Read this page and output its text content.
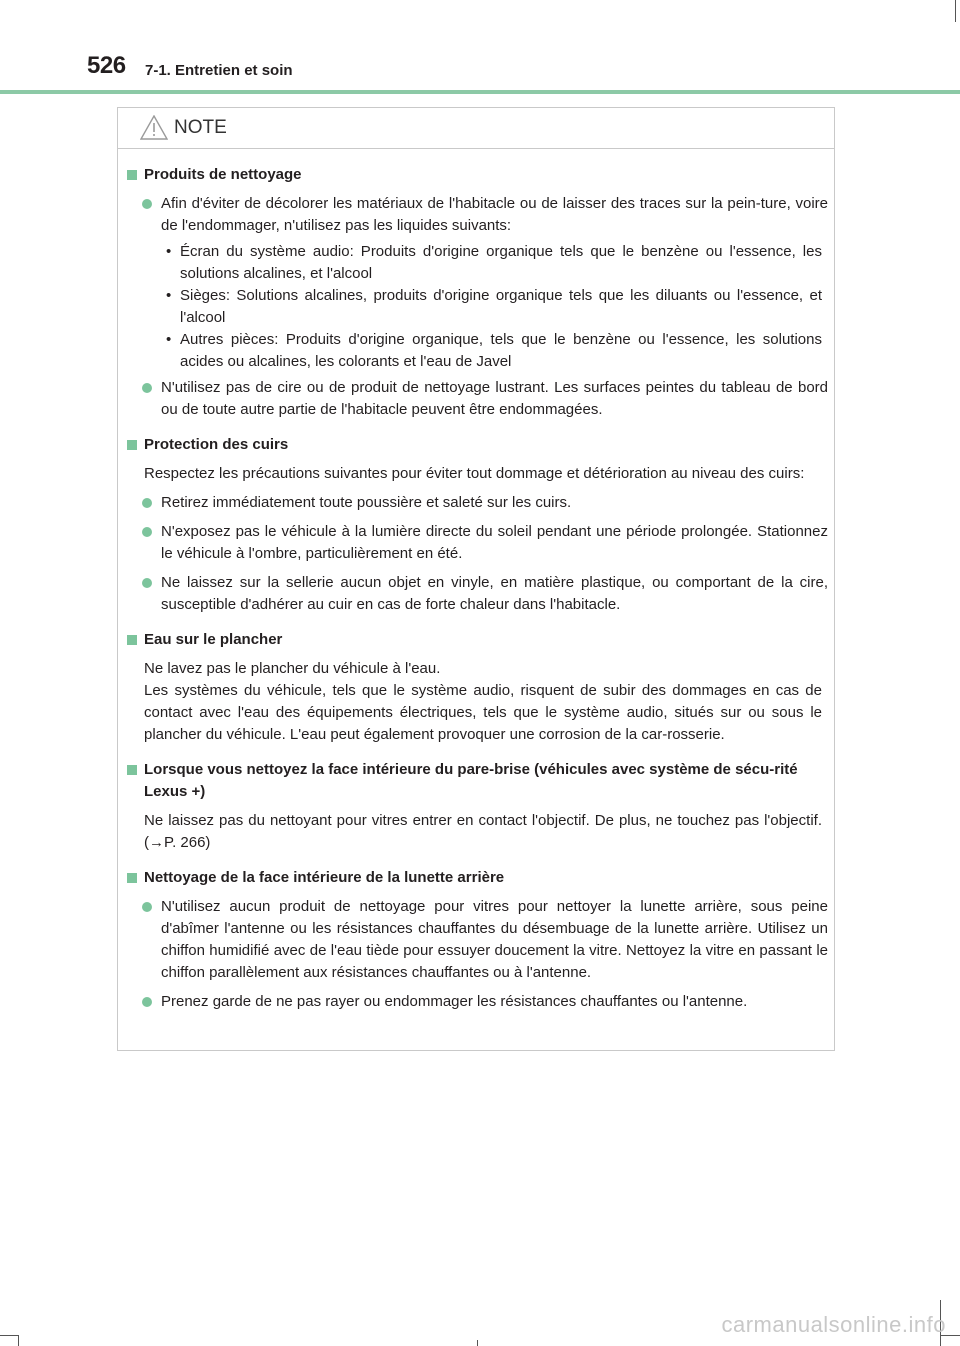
526 7-1. Entretien et soin
NOTE
Produits de nettoyage
Afin d'éviter de décolorer les matériaux de l'habitacle ou de laisser des traces sur la pein-ture, voire de l'endommager, n'utilisez pas les liquides suivants:
• Écran du système audio: Produits d'origine organique tels que le benzène ou l'essence, les solutions alcalines, et l'alcool
• Sièges: Solutions alcalines, produits d'origine organique tels que les diluants ou l'essence, et l'alcool
• Autres pièces: Produits d'origine organique, tels que le benzène ou l'essence, les solutions acides ou alcalines, les colorants et l'eau de Javel
N'utilisez pas de cire ou de produit de nettoyage lustrant. Les surfaces peintes du tableau de bord ou de toute autre partie de l'habitacle peuvent être endommagées.
Protection des cuirs
Respectez les précautions suivantes pour éviter tout dommage et détérioration au niveau des cuirs:
Retirez immédiatement toute poussière et saleté sur les cuirs.
N'exposez pas le véhicule à la lumière directe du soleil pendant une période prolongée. Stationnez le véhicule à l'ombre, particulièrement en été.
Ne laissez sur la sellerie aucun objet en vinyle, en matière plastique, ou comportant de la cire, susceptible d'adhérer au cuir en cas de forte chaleur dans l'habitacle.
Eau sur le plancher
Ne lavez pas le plancher du véhicule à l'eau.
Les systèmes du véhicule, tels que le système audio, risquent de subir des dommages en cas de contact avec l'eau des équipements électriques, tels que le système audio, situés sur ou sous le plancher du véhicule. L'eau peut également provoquer une corrosion de la car-rosserie.
Lorsque vous nettoyez la face intérieure du pare-brise (véhicules avec système de sécu-rité Lexus +)
Ne laissez pas du nettoyant pour vitres entrer en contact l'objectif. De plus, ne touchez pas l'objectif. (→P. 266)
Nettoyage de la face intérieure de la lunette arrière
N'utilisez aucun produit de nettoyage pour vitres pour nettoyer la lunette arrière, sous peine d'abîmer l'antenne ou les résistances chauffantes du désembuage de la lunette arrière. Utilisez un chiffon humidifié avec de l'eau tiède pour essuyer doucement la vitre. Nettoyez la vitre en passant le chiffon parallèlement aux résistances chauffantes ou à l'antenne.
Prenez garde de ne pas rayer ou endommager les résistances chauffantes ou l'antenne.
carmanualsonline.info
